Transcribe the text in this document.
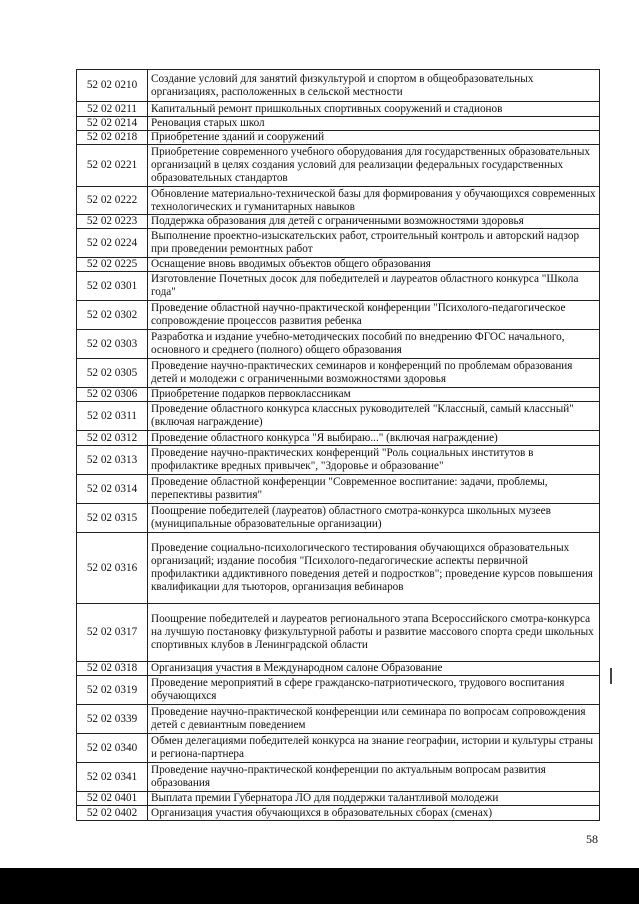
52 02 0210	Создание условий для занятий физкультурой и спортом в общеобразовательных организациях, расположенных в сельской местности
52 02 0211	Капитальный ремонт пришкольных спортивных сооружений и стадионов
52 02 0214	Реновация старых школ
52 02 0218	Приобретение зданий и сооружений
52 02 0221	Приобретение современного учебного оборудования для государственных образовательных организаций в целях создания условий для реализации федеральных государственных образовательных стандартов
52 02 0222	Обновление материально-технической базы для формирования у обучающихся современных технологических и гуманитарных навыков
52 02 0223	Поддержка образования для детей с ограниченными возможностями здоровья
52 02 0224	Выполнение проектно-изыскательских работ, строительный контроль и авторский надзор при проведении ремонтных работ
52 02 0225	Оснащение вновь вводимых объектов общего образования
52 02 0301	Изготовление Почетных досок для победителей и лауреатов областного конкурса "Школа года"
52 02 0302	Проведение областной научно-практической конференции "Психолого-педагогическое сопровождение процессов развития ребенка
52 02 0303	Разработка и издание учебно-методических пособий по внедрению ФГОС начального, основного и среднего (полного) общего образования
52 02 0305	Проведение научно-практических семинаров и конференций по проблемам образования детей и молодежи с ограниченными возможностями здоровья
52 02 0306	Приобретение подарков первоклассникам
52 02 0311	Проведение областного конкурса классных руководителей "Классный, самый классный" (включая награждение)
52 02 0312	Проведение областного конкурса "Я выбираю..." (включая награждение)
52 02 0313	Проведение научно-практических конференций "Роль социальных институтов в профилактике вредных привычек", "Здоровье и образование"
52 02 0314	Проведение областной конференции "Современное воспитание: задачи, проблемы, перепективы развития"
52 02 0315	Поощрение победителей (лауреатов) областного смотра-конкурса школьных музеев (муниципальные образовательные организации)
52 02 0316	Проведение социально-психологического тестирования обучающихся образовательных организаций; издание пособия "Психолого-педагогические аспекты первичной профилактики аддиктивного поведения детей и подростков"; проведение курсов повышения квалификации для тьюторов, организация вебинаров
52 02 0317	Поощрение победителей и лауреатов регионального этапа Всероссийского смотра-конкурса на лучшую постановку физкультурной работы и развитие массового спорта среди школьных спортивных клубов в Ленинградской области
52 02 0318	Организация участия в Международном салоне Образование
52 02 0319	Проведение мероприятий в сфере гражданско-патриотического, трудового воспитания обучающихся
52 02 0339	Проведение научно-практической конференции или семинара по вопросам сопровождения детей с девиантным поведением
52 02 0340	Обмен делегациями победителей конкурса на знание географии, истории и культуры страны и региона-партнера
52 02 0341	Проведение научно-практической конференции по актуальным вопросам развития образования
52 02 0401	Выплата премии Губернатора ЛО для поддержки талантливой молодежи
52 02 0402	Организация участия обучающихся в образовательных сборах (сменах)
58
